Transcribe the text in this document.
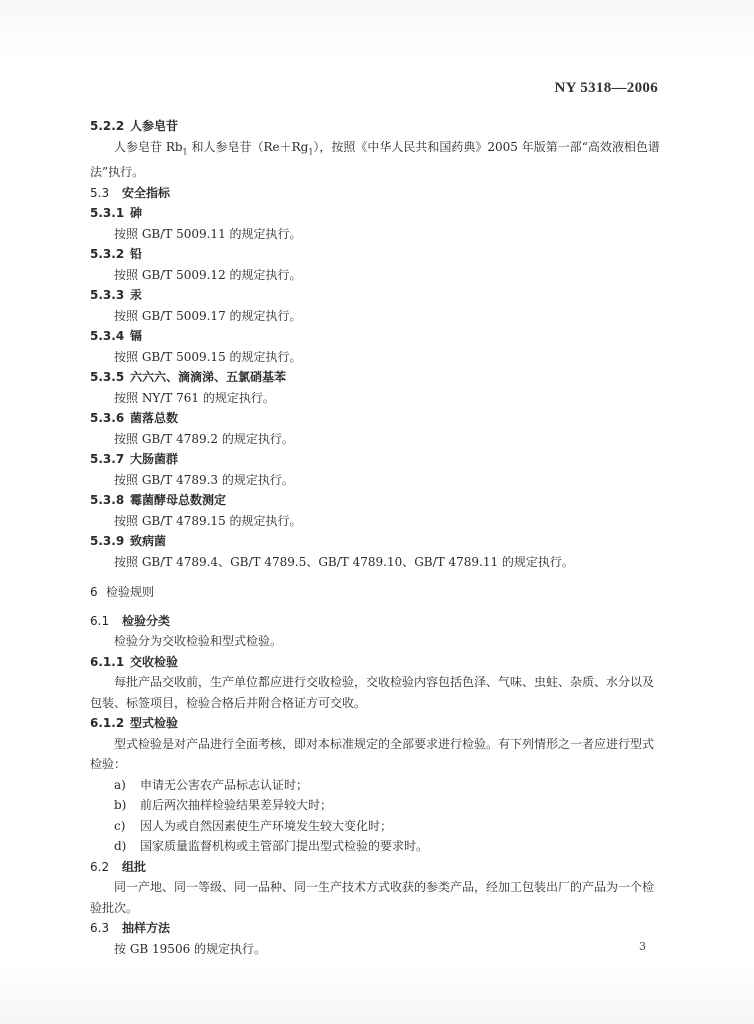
NY 5318—2006
5.2.2 人参皂苷
人参皂苷 $Rb_1$ 和人参皂苷$(Re+Rg_1)$，按照《中华人民共和国药典》2005 年版第一部“高效液相色谱法”执行。
5.3 安全指标
5.3.1 砷
按照 GB/T 5009.11 的规定执行。
5.3.2 铅
按照 GB/T 5009.12 的规定执行。
5.3.3 汞
按照 GB/T 5009.17 的规定执行。
5.3.4 镉
按照 GB/T 5009.15 的规定执行。
5.3.5 六六六、滴滴涕、五氯硝基苯
按照 NY/T 761 的规定执行。
5.3.6 菌落总数
按照 GB/T 4789.2 的规定执行。
5.3.7 大肠菌群
按照 GB/T 4789.3 的规定执行。
5.3.8 霉菌酵母总数测定
按照 GB/T 4789.15 的规定执行。
5.3.9 致病菌
按照 GB/T 4789.4、GB/T 4789.5、GB/T 4789.10、GB/T 4789.11 的规定执行。
6 检验规则
6.1 检验分类
检验分为交收检验和型式检验。
6.1.1 交收检验
每批产品交收前，生产单位都应进行交收检验，交收检验内容包括色泽、气味、虫蛀、杂质、水分以及包装、标签项目，检验合格后并附合格证方可交收。
6.1.2 型式检验
型式检验是对产品进行全面考核，即对本标准规定的全部要求进行检验。有下列情形之一者应进行型式检验：
a) 申请无公害农产品标志认证时；
b) 前后两次抽样检验结果差异较大时；
c) 因人为或自然因素使生产环境发生较大变化时；
d) 国家质量监督机构或主管部门提出型式检验的要求时。
6.2 组批
同一产地、同一等级、同一品种、同一生产技术方式收获的参类产品，经加工包装出厂的产品为一个检验批次。
6.3 抽样方法
按 GB 19506 的规定执行。	3
